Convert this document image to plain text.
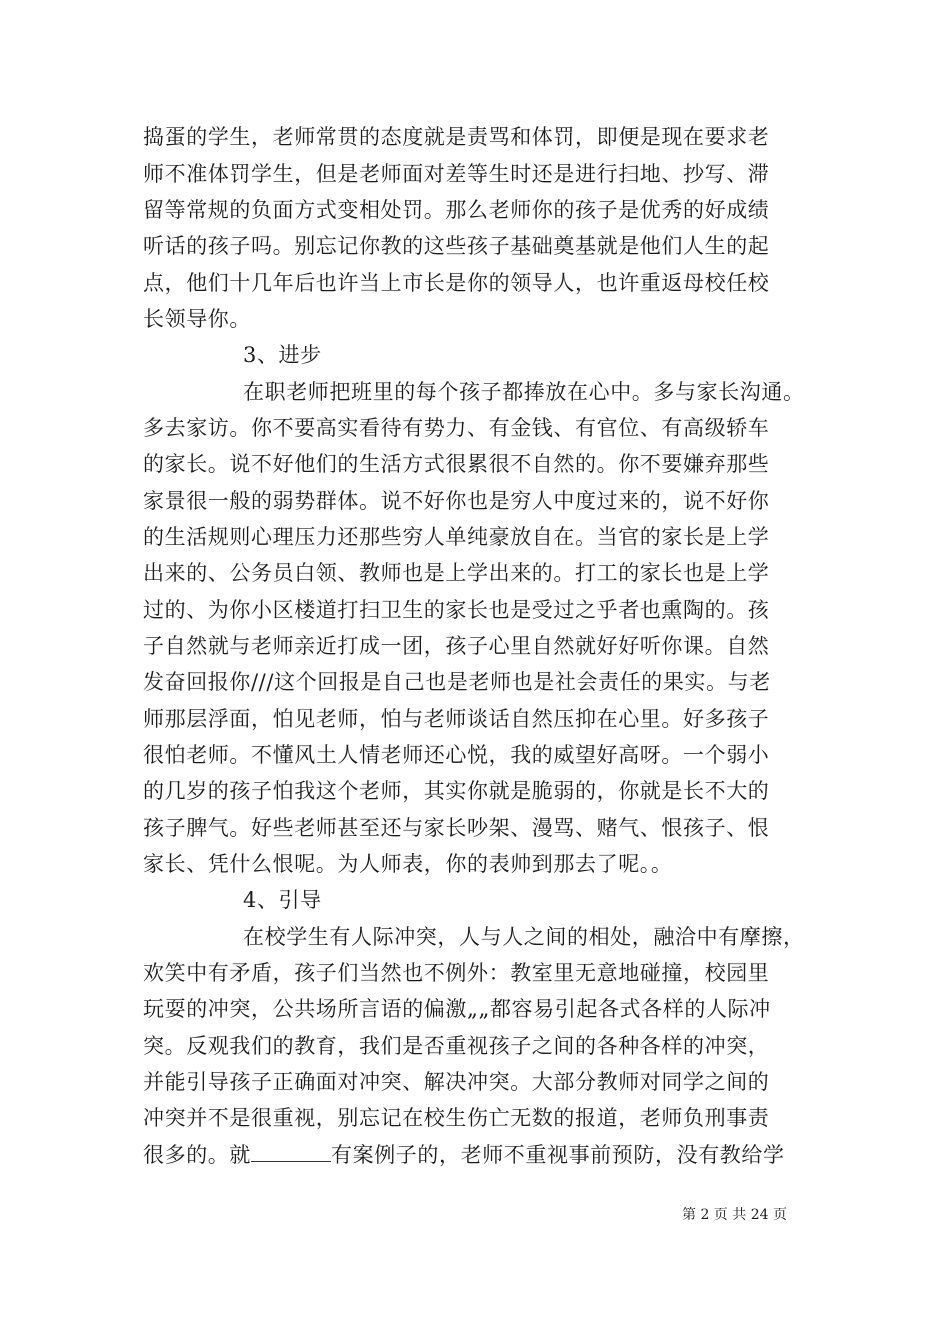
捣蛋的学生，老师常贯的态度就是责骂和体罚，即便是现在要求老
师不准体罚学生，但是老师面对差等生时还是进行扫地、抄写、滞
留等常规的负面方式变相处罚。那么老师你的孩子是优秀的好成绩
听话的孩子吗。别忘记你教的这些孩子基础奠基就是他们人生的起
点，他们十几年后也许当上市长是你的领导人，也许重返母校任校
长领导你。
3、进步
在职老师把班里的每个孩子都捧放在心中。多与家长沟通。
多去家访。你不要高实看待有势力、有金钱、有官位、有高级轿车
的家长。说不好他们的生活方式很累很不自然的。你不要嫌弃那些
家景很一般的弱势群体。说不好你也是穷人中度过来的，说不好你
的生活规则心理压力还那些穷人单纯豪放自在。当官的家长是上学
出来的、公务员白领、教师也是上学出来的。打工的家长也是上学
过的、为你小区楼道打扫卫生的家长也是受过之乎者也熏陶的。孩
子自然就与老师亲近打成一团，孩子心里自然就好好听你课。自然
发奋回报你///这个回报是自己也是老师也是社会责任的果实。与老
师那层浮面，怕见老师，怕与老师谈话自然压抑在心里。好多孩子
很怕老师。不懂风土人情老师还心悦，我的威望好高呀。一个弱小
的几岁的孩子怕我这个老师，其实你就是脆弱的，你就是长不大的
孩子脾气。好些老师甚至还与家长吵架、漫骂、赌气、恨孩子、恨
家长、凭什么恨呢。为人师表，你的表帅到那去了呢。。
4、引导
在校学生有人际冲突，人与人之间的相处，融洽中有摩擦，
欢笑中有矛盾，孩子们当然也不例外：教室里无意地碰撞，校园里
玩耍的冲突，公共场所言语的偏激„„都容易引起各式各样的人际冲
突。反观我们的教育，我们是否重视孩子之间的各种各样的冲突，
并能引导孩子正确面对冲突、解决冲突。大部分教师对同学之间的
冲突并不是很重视，别忘记在校生伤亡无数的报道，老师负刑事责
很多的。就	有案例子的，老师不重视事前预防，没有教给学
第 2 页 共 24 页
